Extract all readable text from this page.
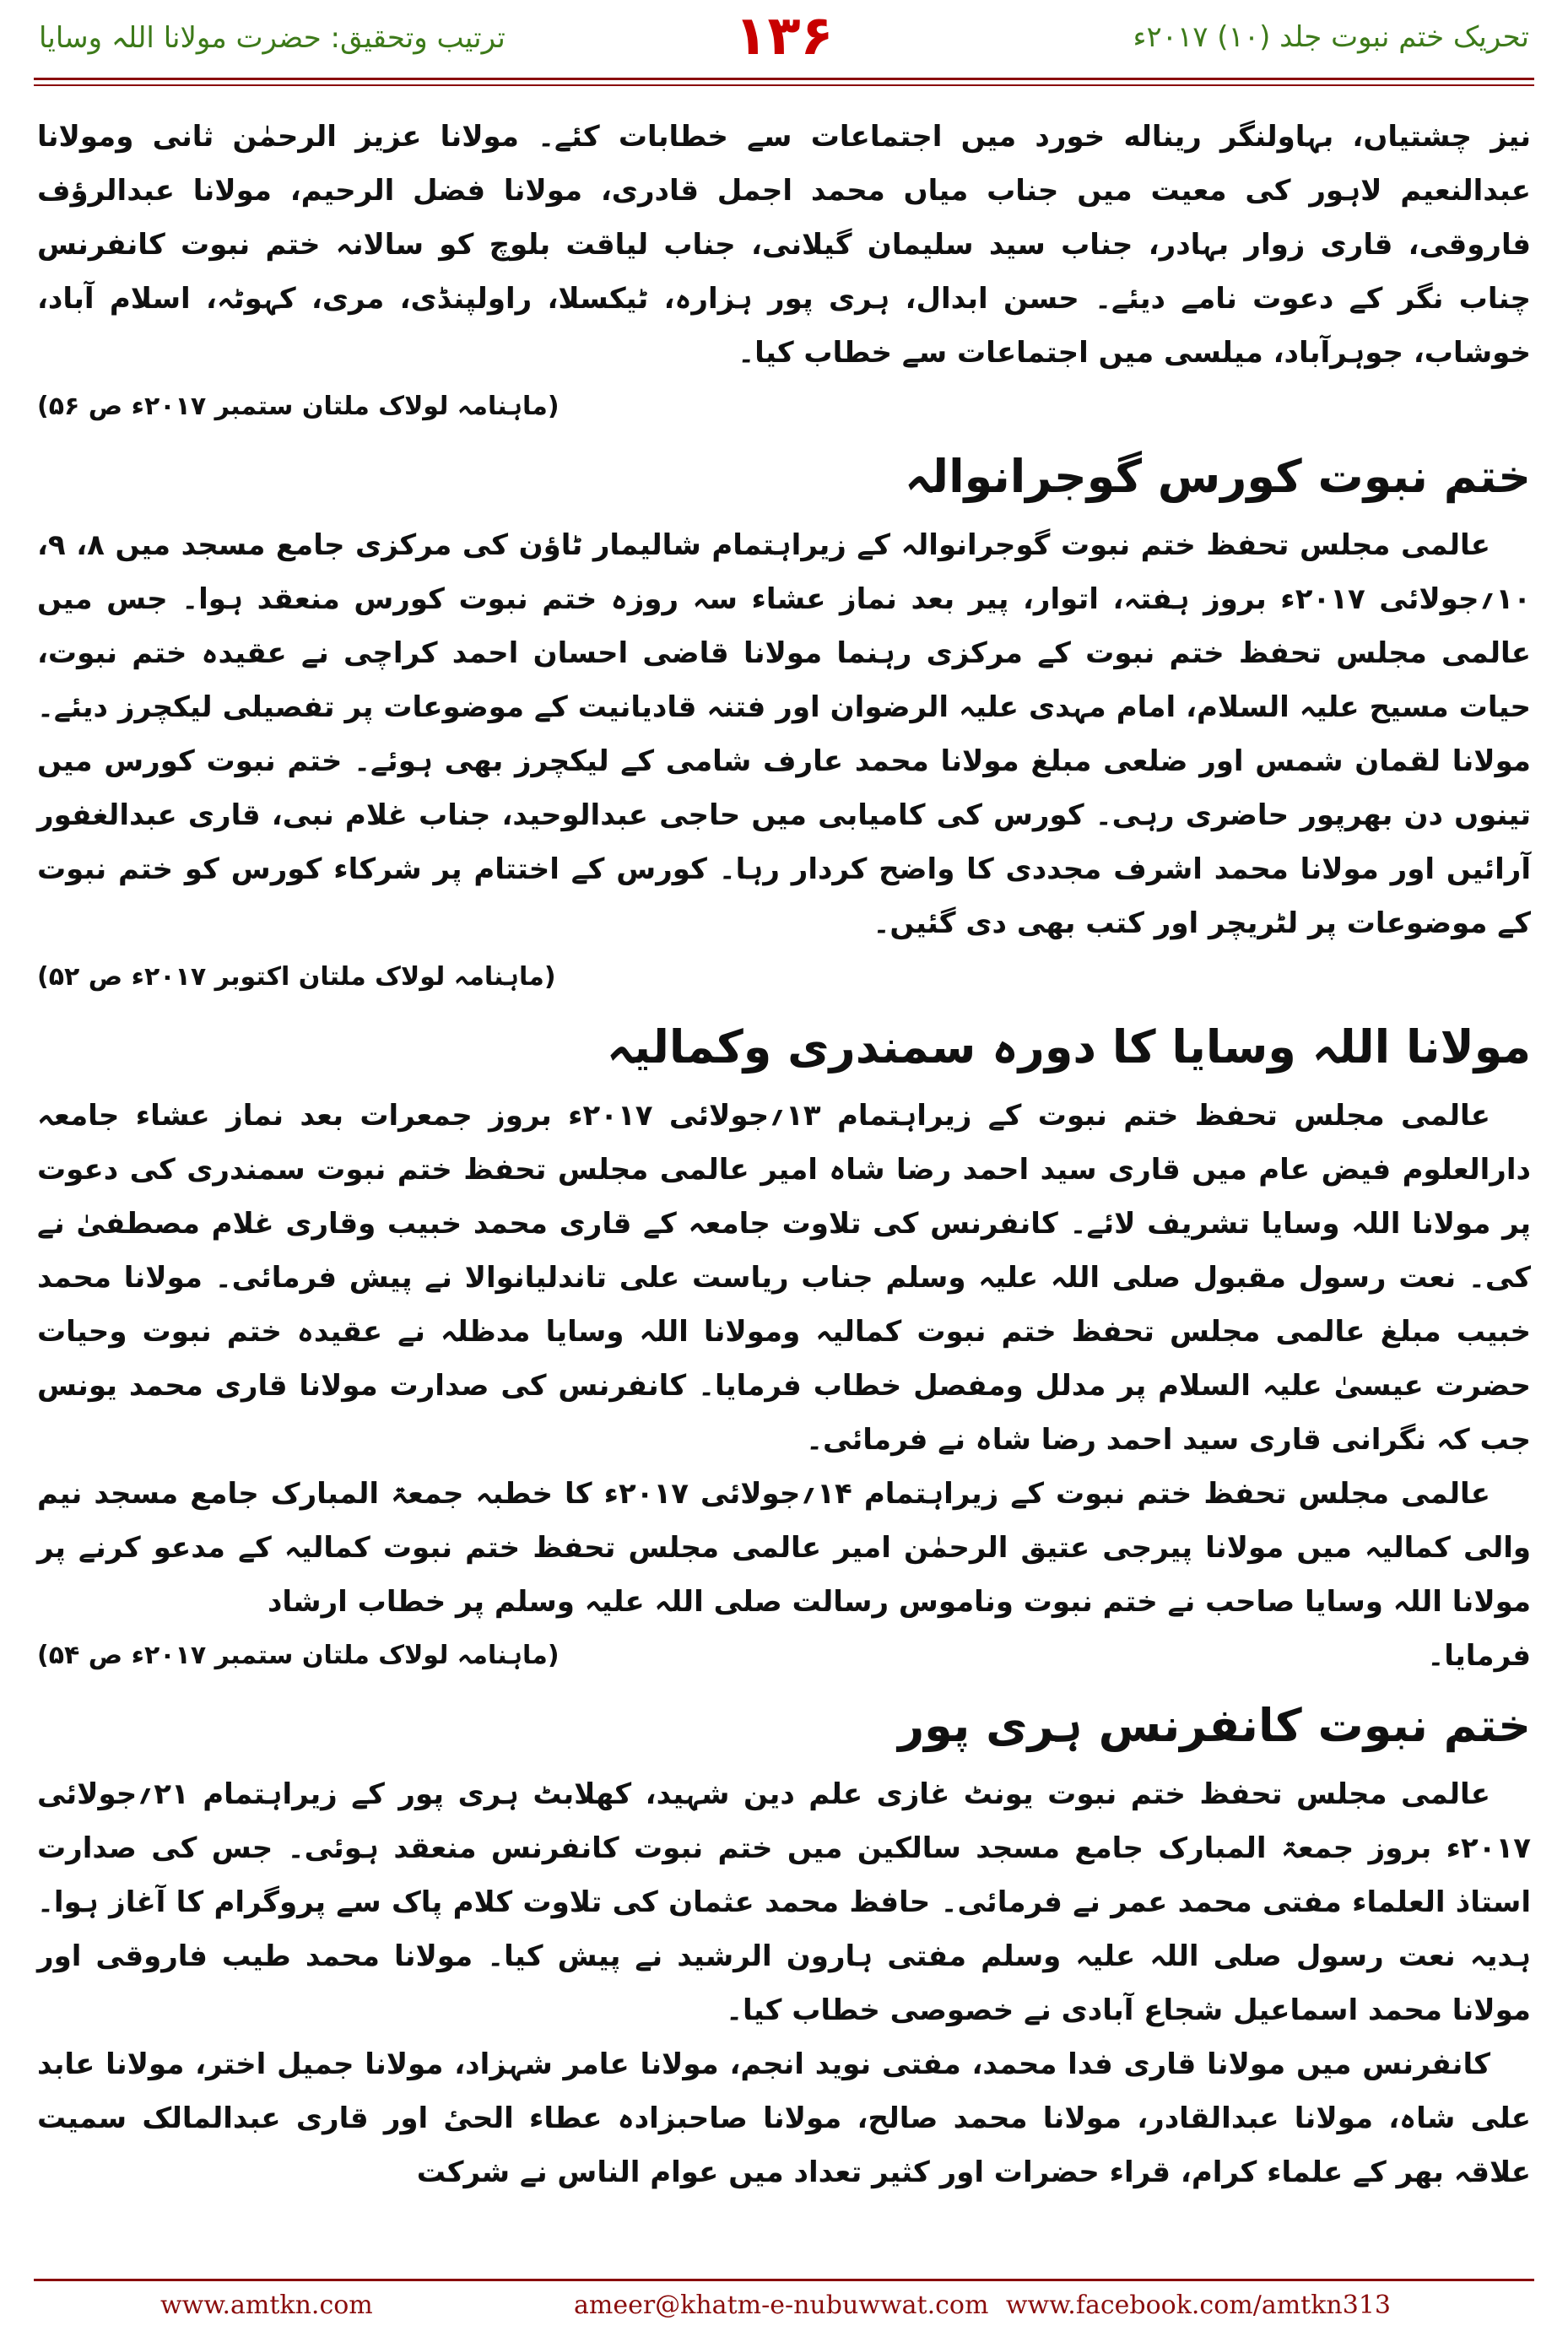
ترتیب وتحقیق: حضرت مولانا اللہ وسایا	۱۳۶	تحریک ختم نبوت جلد (۱۰) ۲۰۱۷ء

نیز چشتیاں، بہاولنگر ریناله خورد میں اجتماعات سے خطابات کئے۔ مولانا عزیز الرحمٰن ثانی ومولانا عبدالنعیم لاہور کی معیت میں جناب میاں محمد اجمل قادری، مولانا فضل الرحیم، مولانا عبدالرؤف فاروقی، قاری زوار بہادر، جناب سید سلیمان گیلانی، جناب لیاقت بلوچ کو سالانہ ختم نبوت کانفرنس چناب نگر کے دعوت نامے دیئے۔ حسن ابدال، ہری پور ہزارہ، ٹیکسلا، راولپنڈی، مری، کہوٹہ، اسلام آباد، خوشاب، جوہرآباد، میلسی میں اجتماعات سے خطاب کیا۔

(ماہنامہ لولاک ملتان ستمبر ۲۰۱۷ء ص ۵۶)
ختم نبوت کورس گوجرانوالہ

عالمی مجلس تحفظ ختم نبوت گوجرانوالہ کے زیراہتمام شالیمار ٹاؤن کی مرکزی جامع مسجد میں ۸، ۹، ۱۰؍جولائی ۲۰۱۷ء بروز ہفتہ، اتوار، پیر بعد نماز عشاء سہ روزہ ختم نبوت کورس منعقد ہوا۔ جس میں عالمی مجلس تحفظ ختم نبوت کے مرکزی رہنما مولانا قاضی احسان احمد کراچی نے عقیدہ ختم نبوت، حیات مسیح علیہ السلام، امام مہدی علیہ الرضوان اور فتنہ قادیانیت کے موضوعات پر تفصیلی لیکچرز دیئے۔ مولانا لقمان شمس اور ضلعی مبلغ مولانا محمد عارف شامی کے لیکچرز بھی ہوئے۔ ختم نبوت کورس میں تینوں دن بھرپور حاضری رہی۔ کورس کی کامیابی میں حاجی عبدالوحید، جناب غلام نبی، قاری عبدالغفور آرائیں اور مولانا محمد اشرف مجددی کا واضح کردار رہا۔ کورس کے اختتام پر شرکاء کورس کو ختم نبوت کے موضوعات پر لٹریچر اور کتب بھی دی گئیں۔

(ماہنامہ لولاک ملتان اکتوبر ۲۰۱۷ء ص ۵۲)
مولانا اللہ وسایا کا دورہ سمندری وکمالیہ

عالمی مجلس تحفظ ختم نبوت کے زیراہتمام ۱۳؍جولائی ۲۰۱۷ء بروز جمعرات بعد نماز عشاء جامعہ دارالعلوم فیض عام میں قاری سید احمد رضا شاہ امیر عالمی مجلس تحفظ ختم نبوت سمندری کی دعوت پر مولانا اللہ وسایا تشریف لائے۔ کانفرنس کی تلاوت جامعہ کے قاری محمد خبیب وقاری غلام مصطفیٰ نے کی۔ نعت رسول مقبول صلی اللہ علیہ وسلم جناب ریاست علی تاندلیانوالا نے پیش فرمائی۔ مولانا محمد خبیب مبلغ عالمی مجلس تحفظ ختم نبوت کمالیہ ومولانا اللہ وسایا مدظلہ نے عقیدہ ختم نبوت وحیات حضرت عیسیٰ علیہ السلام پر مدلل ومفصل خطاب فرمایا۔ کانفرنس کی صدارت مولانا قاری محمد یونس جب کہ نگرانی قاری سید احمد رضا شاہ نے فرمائی۔

عالمی مجلس تحفظ ختم نبوت کے زیراہتمام ۱۴؍جولائی ۲۰۱۷ء کا خطبہ جمعۃ المبارک جامع مسجد نیم والی کمالیہ میں مولانا پیرجی عتیق الرحمٰن امیر عالمی مجلس تحفظ ختم نبوت کمالیہ کے مدعو کرنے پر مولانا اللہ وسایا صاحب نے ختم نبوت وناموس رسالت صلی اللہ علیہ وسلم پر خطاب ارشاد

فرمایا۔
(ماہنامہ لولاک ملتان ستمبر ۲۰۱۷ء ص ۵۴)
ختم نبوت کانفرنس ہری پور

عالمی مجلس تحفظ ختم نبوت یونٹ غازی علم دین شہید، کھلابٹ ہری پور کے زیراہتمام ۲۱؍جولائی ۲۰۱۷ء بروز جمعۃ المبارک جامع مسجد سالکین میں ختم نبوت کانفرنس منعقد ہوئی۔ جس کی صدارت استاذ العلماء مفتی محمد عمر نے فرمائی۔ حافظ محمد عثمان کی تلاوت کلام پاک سے پروگرام کا آغاز ہوا۔ ہدیہ نعت رسول صلی اللہ علیہ وسلم مفتی ہارون الرشید نے پیش کیا۔ مولانا محمد طیب فاروقی اور مولانا محمد اسماعیل شجاع آبادی نے خصوصی خطاب کیا۔

کانفرنس میں مولانا قاری فدا محمد، مفتی نوید انجم، مولانا عامر شہزاد، مولانا جمیل اختر، مولانا عابد علی شاہ، مولانا عبدالقادر، مولانا محمد صالح، مولانا صاحبزادہ عطاء الحیٔ اور قاری عبدالمالک سمیت علاقہ بھر کے علماء کرام، قراء حضرات اور کثیر تعداد میں عوام الناس نے شرکت

www.amtkn.com	ameer@khatm-e-nubuwwat.com www.facebook.com/amtkn313
